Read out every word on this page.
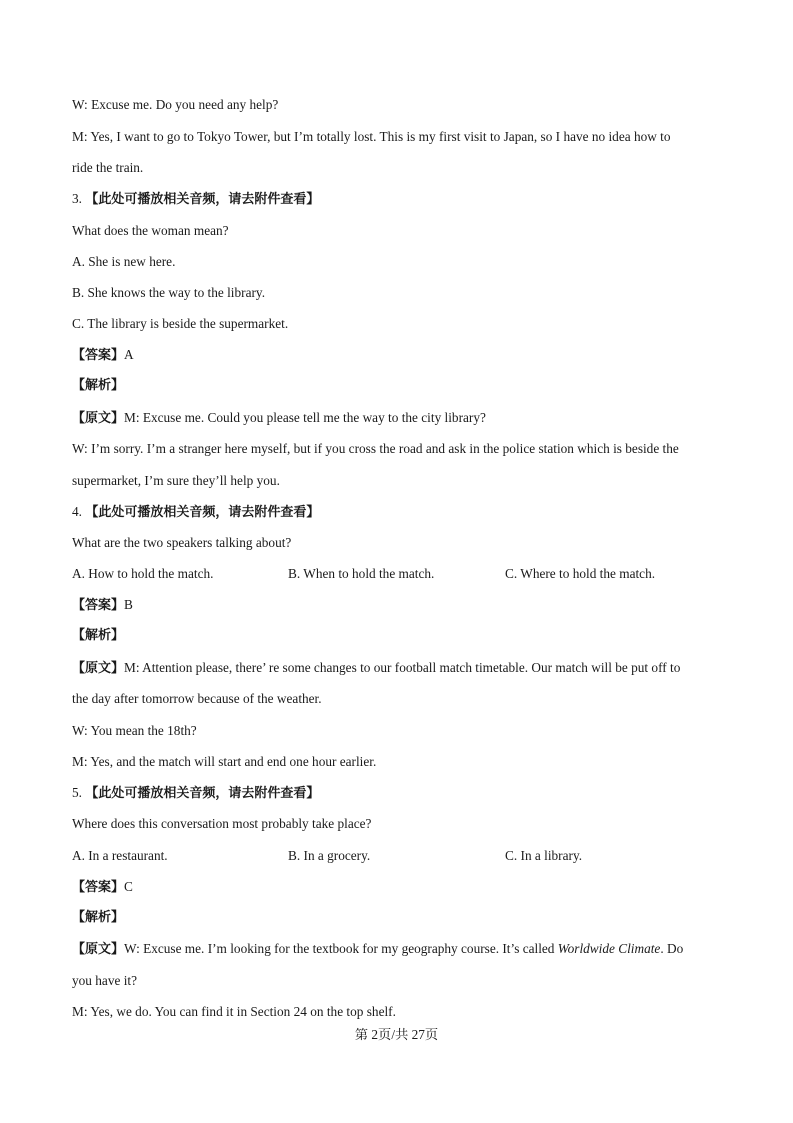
W: Excuse me. Do you need any help?
M: Yes, I want to go to Tokyo Tower, but I’m totally lost. This is my first visit to Japan, so I have no idea how to
ride the train.
3. 【此处可播放相关音频，请去附件查看】
What does the woman mean?
A. She is new here.
B. She knows the way to the library.
C. The library is beside the supermarket.
【答案】A
【解析】
【原文】M: Excuse me. Could you please tell me the way to the city library?
W: I’m sorry. I’m a stranger here myself, but if you cross the road and ask in the police station which is beside the
supermarket, I’m sure they’ll help you.
4. 【此处可播放相关音频，请去附件查看】
What are the two speakers talking about?
A. How to hold the match.	B. When to hold the match.	C. Where to hold the match.
【答案】B
【解析】
【原文】M: Attention please, there’ re some changes to our football match timetable. Our match will be put off to
the day after tomorrow because of the weather.
W: You mean the 18th?
M: Yes, and the match will start and end one hour earlier.
5. 【此处可播放相关音频，请去附件查看】
Where does this conversation most probably take place?
A. In a restaurant.	B. In a grocery.	C. In a library.
【答案】C
【解析】
【原文】W: Excuse me. I’m looking for the textbook for my geography course. It’s called Worldwide Climate. Do
you have it?
M: Yes, we do. You can find it in Section 24 on the top shelf.
第 2页/共 27页
